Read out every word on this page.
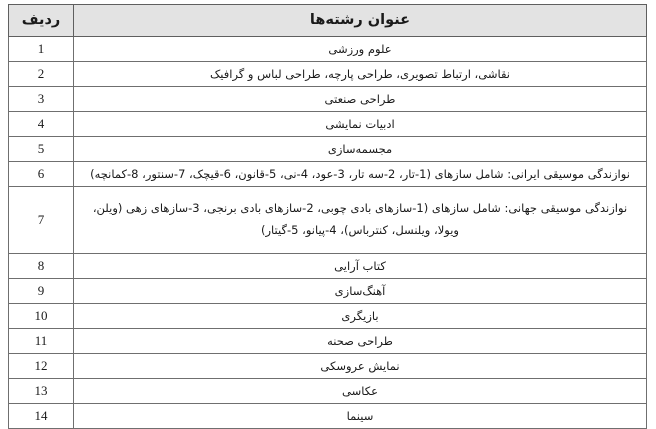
عنوان رشته‌ها	ردیف
علوم ورزشی	1
نقاشی، ارتباط تصویری، طراحی پارچه، طراحی لباس و گرافیک	2
طراحی صنعتی	3
ادبیات نمایشی	4
مجسمه‌سازی	5
نوازندگی موسیقی ایرانی: شامل سازهای (1-تار، 2-سه تار، 3-عود، 4-نی، 5-قانون، 6-قیچک، 7-سنتور، 8-کمانچه)	6
نوازندگی موسیقی جهانی: شامل سازهای (1-سازهای بادی چوبی، 2-سازهای بادی برنجی، 3-سازهای زهی (ویلن، ویولا، ویلنسل، کنترباس)، 4-پیانو، 5-گیتار)	7
کتاب آرایی	8
آهنگ‌سازی	9
بازیگری	10
طراحی صحنه	11
نمایش عروسکی	12
عکاسی	13
سینما	14
